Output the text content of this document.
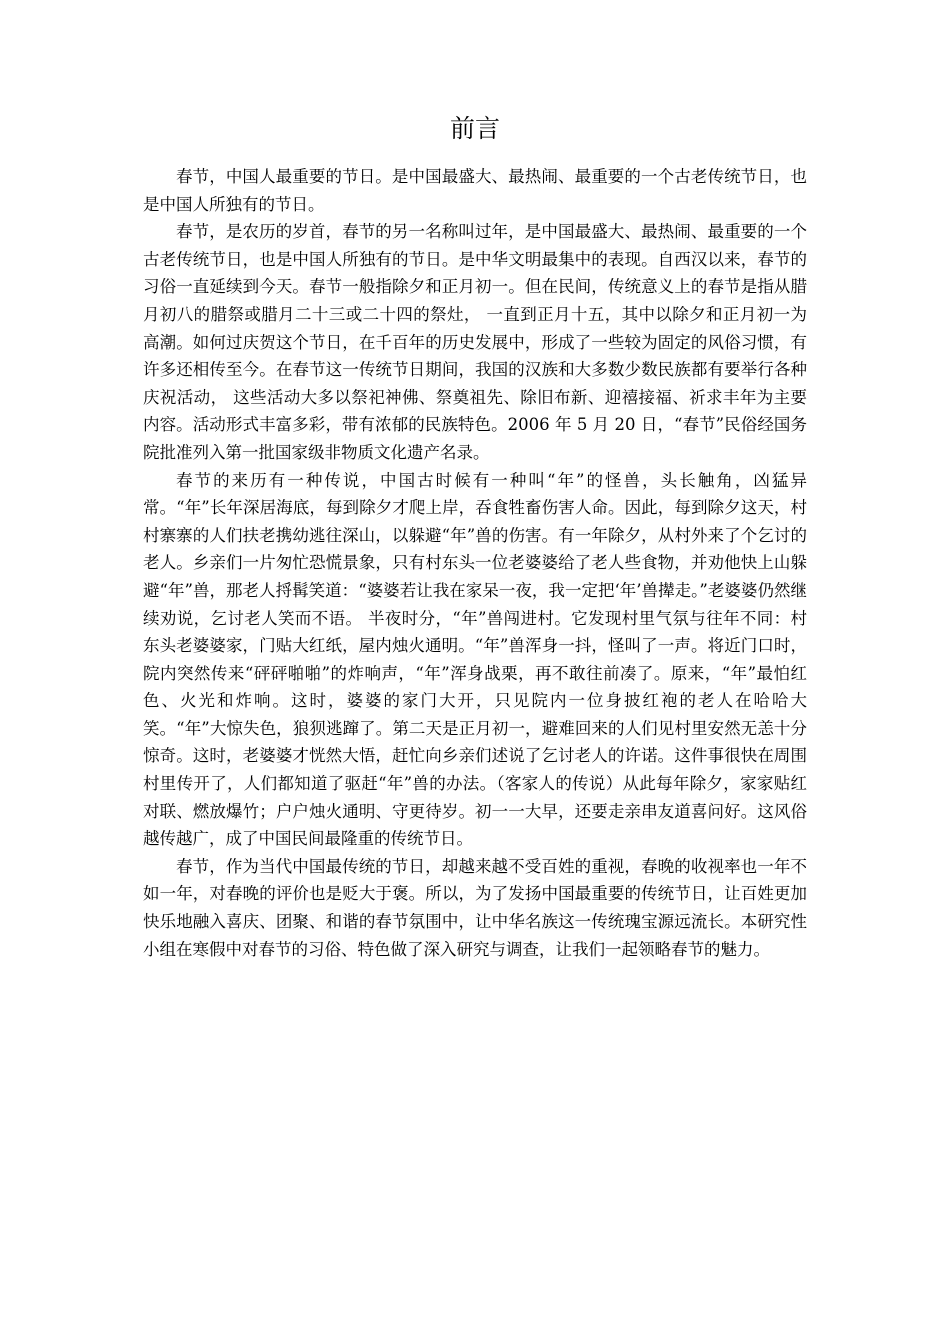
前言

春节，中国人最重要的节日。是中国最盛大、最热闹、最重要的一个古老传统节日，也是中国人所独有的节日。

春节，是农历的岁首，春节的另一名称叫过年，是中国最盛大、最热闹、最重要的一个古老传统节日，也是中国人所独有的节日。是中华文明最集中的表现。自西汉以来，春节的习俗一直延续到今天。春节一般指除夕和正月初一。但在民间，传统意义上的春节是指从腊月初八的腊祭或腊月二十三或二十四的祭灶， 一直到正月十五，其中以除夕和正月初一为高潮。如何过庆贺这个节日，在千百年的历史发展中，形成了一些较为固定的风俗习惯，有许多还相传至今。在春节这一传统节日期间，我国的汉族和大多数少数民族都有要举行各种庆祝活动， 这些活动大多以祭祀神佛、祭奠祖先、除旧布新、迎禧接福、祈求丰年为主要内容。活动形式丰富多彩，带有浓郁的民族特色。2006 年 5 月 20 日，“春节”民俗经国务院批准列入第一批国家级非物质文化遗产名录。

春节的来历有一种传说，中国古时候有一种叫“年”的怪兽，头长触角，凶猛异常。“年”长年深居海底，每到除夕才爬上岸，吞食牲畜伤害人命。因此，每到除夕这天，村村寨寨的人们扶老携幼逃往深山，以躲避“年”兽的伤害。有一年除夕，从村外来了个乞讨的老人。乡亲们一片匆忙恐慌景象，只有村东头一位老婆婆给了老人些食物，并劝他快上山躲避“年”兽，那老人捋髯笑道：“婆婆若让我在家呆一夜，我一定把‘年’兽撵走。”老婆婆仍然继续劝说，乞讨老人笑而不语。 半夜时分，“年”兽闯进村。它发现村里气氛与往年不同：村东头老婆婆家，门贴大红纸，屋内烛火通明。“年”兽浑身一抖，怪叫了一声。将近门口时，院内突然传来“砰砰啪啪”的炸响声，“年”浑身战栗，再不敢往前凑了。原来，“年”最怕红色、火光和炸响。这时，婆婆的家门大开，只见院内一位身披红袍的老人在哈哈大笑。“年”大惊失色，狼狈逃蹿了。第二天是正月初一，避难回来的人们见村里安然无恙十分惊奇。这时，老婆婆才恍然大悟，赶忙向乡亲们述说了乞讨老人的许诺。这件事很快在周围村里传开了，人们都知道了驱赶“年”兽的办法。（客家人的传说）从此每年除夕，家家贴红对联、燃放爆竹；户户烛火通明、守更待岁。初一一大早，还要走亲串友道喜问好。这风俗越传越广，成了中国民间最隆重的传统节日。

春节，作为当代中国最传统的节日，却越来越不受百姓的重视，春晚的收视率也一年不如一年，对春晚的评价也是贬大于褒。所以，为了发扬中国最重要的传统节日，让百姓更加快乐地融入喜庆、团聚、和谐的春节氛围中，让中华名族这一传统瑰宝源远流长。本研究性小组在寒假中对春节的习俗、特色做了深入研究与调查，让我们一起领略春节的魅力。
